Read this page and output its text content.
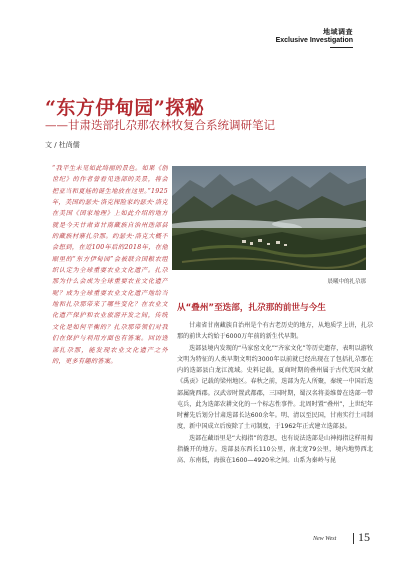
地域调查
Exclusive Investigation
“东方伊甸园”探秘
——甘肃迭部扎尕那农林牧复合系统调研笔记
文 / 杜尚儒
“我平生未见如此绮丽的景色。如果《创世纪》的作者曾看见迭部的美景，将会把亚当和夏娃的诞生地放在这里。”1925年，美国约瑟夫·洛克探险家约瑟夫·洛克在美国《国家地理》上如此介绍的地方就是今天甘肃省甘南藏族自治州迭部县的藏族村寨扎尕那。约瑟夫·洛克大概不会想到，在近100年后的2018年，在他眼里的“东方伊甸园”会被联合国粮农组织认定为全球重要农业文化遗产。扎尕那为什么会成为全球重要农业文化遗产呢？成为全球重要农业文化遗产地给当地和扎尕那带来了哪些变化？在农业文化遗产保护和农业旅游开发之间，传统文化是如何平衡的？扎尕那带领们对我们在保护与利用方面也有答案。回访迭部扎尕那，能发现农业文化遗产之外的，更多有趣的答案。
晨曦中的扎尕那
从“叠州”至迭部，扎尕那的前世与今生

甘肃省甘南藏族自治州是个有古老历史的地方，从地质学上讲，扎尕那的前世大约始于6000万年前的新生代早期。

迭部县境内发现的“马家窑文化”“齐家文化”等历史遗存，表明以游牧文明为特征的人类早期文明约3000年以前就已经出现在了包括扎尕那在内的迭部县白龙江流域。史料记载，夏商时期的叠州属于古代羌国文献《禹贡》记载的梁州地区。春秋之前，迭部为先人所聚，秦统一中国后迭部属陇西郡。汉武帝时置武都郡，三国时期，蜀汉名将姜维曾在迭部一带屯兵，此为迭部农耕文化的一个标志性事件。北周时置“叠州”，上世纪年时蓄先后划分甘肃迭部长达600余年。明、清以至民国，甘南实行土司制度，新中国成立后废除了土司制度，于1962年正式建立迭部县。

迭部在藏语里是“大拇指”的意思，也有说法迭部是山神拇指这样用拇指撬开的地方。迭部县东西长110公里，南北宽79公里，境内地势西北高、东南低，海拔在1600—4920米之间。山系为秦岭与昆

New West 15
